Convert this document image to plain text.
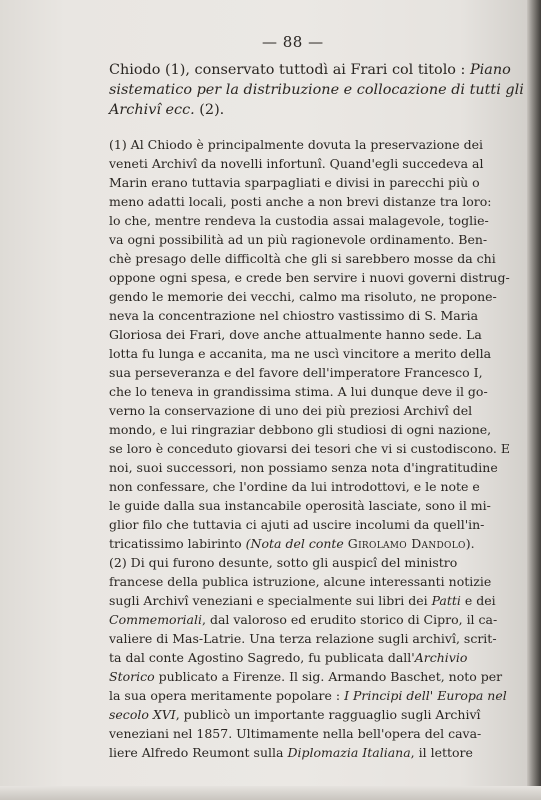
— 88 —
Chiodo (1), conservato tuttodì ai Frari col titolo : Piano
sistematico per la distribuzione e collocazione di tutti gli
Archivî ecc. (2).
(1) Al Chiodo è principalmente dovuta la preservazione dei
veneti Archivî da novelli infortunî. Quand'egli succedeva al
Marin erano tuttavia sparpagliati e divisi in parecchi più o
meno adatti locali, posti anche a non brevi distanze tra loro:
lo che, mentre rendeva la custodia assai malagevole, toglie-
va ogni possibilità ad un più ragionevole ordinamento. Ben-
chè presago delle difficoltà che gli si sarebbero mosse da chi
oppone ogni spesa, e crede ben servire i nuovi governi distrug-
gendo le memorie dei vecchi, calmo ma risoluto, ne propone-
neva la concentrazione nel chiostro vastissimo di S. Maria
Gloriosa dei Frari, dove anche attualmente hanno sede. La
lotta fu lunga e accanita, ma ne uscì vincitore a merito della
sua perseveranza e del favore dell'imperatore Francesco I,
che lo teneva in grandissima stima. A lui dunque deve il go-
verno la conservazione di uno dei più preziosi Archivî del
mondo, e lui ringraziar debbono gli studiosi di ogni nazione,
se loro è conceduto giovarsi dei tesori che vi si custodiscono. E
noi, suoi successori, non possiamo senza nota d'ingratitudine
non confessare, che l'ordine da lui introdottovi, e le note e
le guide dalla sua instancabile operosità lasciate, sono il mi-
glior filo che tuttavia ci ajuti ad uscire incolumi da quell'in-
tricatissimo labirinto (Nota del conte Girolamo Dandolo).
(2) Di qui furono desunte, sotto gli auspicî del ministro
francese della publica istruzione, alcune interessanti notizie
sugli Archivî veneziani e specialmente sui libri dei Patti e dei
Commemoriali, dal valoroso ed erudito storico di Cipro, il ca-
valiere di Mas-Latrie. Una terza relazione sugli archivî, scrit-
ta dal conte Agostino Sagredo, fu publicata dall'Archivio
Storico publicato a Firenze. Il sig. Armando Baschet, noto per
la sua opera meritamente popolare : I Principi dell' Europa nel
secolo XVI, publicò un importante ragguaglio sugli Archivî
veneziani nel 1857. Ultimamente nella bell'opera del cava-
liere Alfredo Reumont sulla Diplomazia Italiana, il lettore
